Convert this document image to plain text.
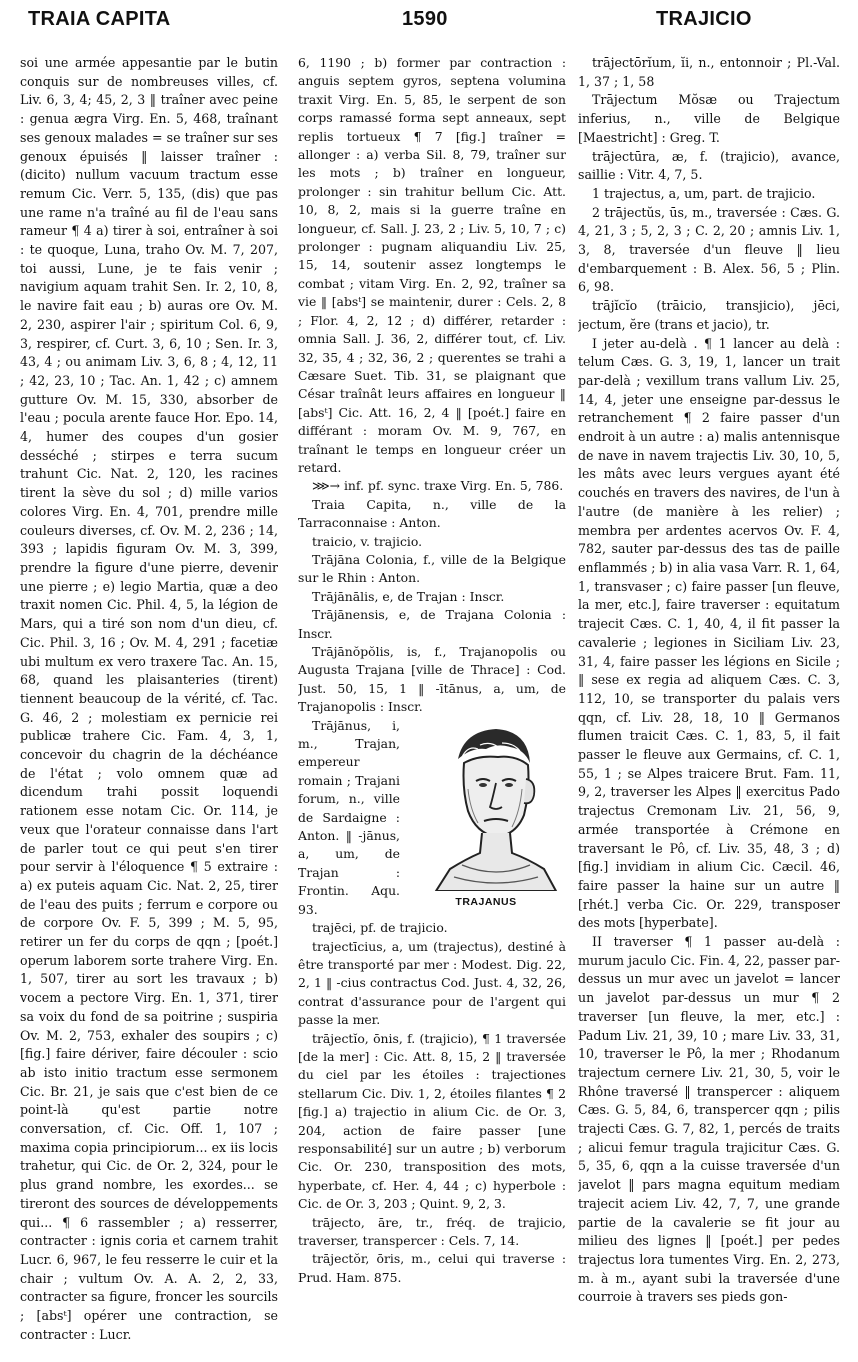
TRAIA CAPITA	1590	TRAJICIO

soi une armée appesantie par le butin conquis sur de nombreuses villes, cf. Liv. 6, 3, 4; 45, 2, 3 ‖ traîner avec peine : genua ægra Virg. En. 5, 468, traînant ses genoux malades = se traîner sur ses genoux épuisés ‖ laisser traîner : (dicito) nullum vacuum tractum esse remum Cic. Verr. 5, 135, (dis) que pas une rame n'a traîné au fil de l'eau sans rameur ¶ 4 a) tirer à soi, entraîner à soi : te quoque, Luna, traho Ov. M. 7, 207, toi aussi, Lune, je te fais venir ; navigium aquam trahit Sen. Ir. 2, 10, 8, le navire fait eau ; b) auras ore Ov. M. 2, 230, aspirer l'air ; spiritum Col. 6, 9, 3, respirer, cf. Curt. 3, 6, 10 ; Sen. Ir. 3, 43, 4 ; ou animam Liv. 3, 6, 8 ; 4, 12, 11 ; 42, 23, 10 ; Tac. An. 1, 42 ; c) amnem gutture Ov. M. 15, 330, absorber de l'eau ; pocula arente fauce Hor. Epo. 14, 4, humer des coupes d'un gosier desséché ; stirpes e terra sucum trahunt Cic. Nat. 2, 120, les racines tirent la sève du sol ; d) mille varios colores Virg. En. 4, 701, prendre mille couleurs diverses, cf. Ov. M. 2, 236 ; 14, 393 ; lapidis figuram Ov. M. 3, 399, prendre la figure d'une pierre, devenir une pierre ; e) legio Martia, quæ a deo traxit nomen Cic. Phil. 4, 5, la légion de Mars, qui a tiré son nom d'un dieu, cf. Cic. Phil. 3, 16 ; Ov. M. 4, 291 ; facetiæ ubi multum ex vero traxere Tac. An. 15, 68, quand les plaisanteries (tirent) tiennent beaucoup de la vérité, cf. Tac. G. 46, 2 ; molestiam ex pernicie rei publicæ trahere Cic. Fam. 4, 3, 1, concevoir du chagrin de la déchéance de l'état ; volo omnem quæ ad dicendum trahi possit loquendi rationem esse notam Cic. Or. 114, je veux que l'orateur connaisse dans l'art de parler tout ce qui peut s'en tirer pour servir à l'éloquence ¶ 5 extraire : a) ex puteis aquam Cic. Nat. 2, 25, tirer de l'eau des puits ; ferrum e corpore ou de corpore Ov. F. 5, 399 ; M. 5, 95, retirer un fer du corps de qqn ; [poét.] operum laborem sorte trahere Virg. En. 1, 507, tirer au sort les travaux ; b) vocem a pectore Virg. En. 1, 371, tirer sa voix du fond de sa poitrine ; suspiria Ov. M. 2, 753, exhaler des soupirs ; c) [fig.] faire dériver, faire découler : scio ab isto initio tractum esse sermonem Cic. Br. 21, je sais que c'est bien de ce point-là qu'est partie notre conversation, cf. Cic. Off. 1, 107 ; maxima copia principiorum... ex iis locis trahetur, qui Cic. de Or. 2, 324, pour le plus grand nombre, les exordes... se tireront des sources de développements qui... ¶ 6 rassembler ; a) resserrer, contracter : ignis coria et carnem trahit Lucr. 6, 967, le feu resserre le cuir et la chair ; vultum Ov. A. A. 2, 2, 33, contracter sa figure, froncer les sourcils ; [absᵗ] opérer une contraction, se contracter : Lucr.

6, 1190 ; b) former par contraction : anguis septem gyros, septena volumina traxit Virg. En. 5, 85, le serpent de son corps ramassé forma sept anneaux, sept replis tortueux ¶ 7 [fig.] traîner = allonger : a) verba Sil. 8, 79, traîner sur les mots ; b) traîner en longueur, prolonger : sin trahitur bellum Cic. Att. 10, 8, 2, mais si la guerre traîne en longueur, cf. Sall. J. 23, 2 ; Liv. 5, 10, 7 ; c) prolonger : pugnam aliquandiu Liv. 25, 15, 14, soutenir assez longtemps le combat ; vitam Virg. En. 2, 92, traîner sa vie ‖ [absᵗ] se maintenir, durer : Cels. 2, 8 ; Flor. 4, 2, 12 ; d) différer, retarder : omnia Sall. J. 36, 2, différer tout, cf. Liv. 32, 35, 4 ; 32, 36, 2 ; querentes se trahi a Cæsare Suet. Tib. 31, se plaignant que César traînât leurs affaires en longueur ‖ [absᵗ] Cic. Att. 16, 2, 4 ‖ [poét.] faire en différant : moram Ov. M. 9, 767, en traînant le temps en longueur créer un retard.

⋙→ inf. pf. sync. traxe Virg. En. 5, 786.

Traia Capita, n., ville de la Tarraconnaise : Anton.

traicio, v. trajicio.

Trājāna Colonia, f., ville de la Belgique sur le Rhin : Anton.

Trājānālis, e, de Trajan : Inscr.

Trājānensis, e, de Trajana Colonia : Inscr.

Trājānŏpŏlis, is, f., Trajanopolis ou Augusta Trajana [ville de Thrace] : Cod. Just. 50, 15, 1 ‖ -ītānus, a, um, de Trajanopolis : Inscr.

TRAJANUS

Trājānus, i, m., Trajan, empereur romain ; Trajani forum, n., ville de Sardaigne : Anton. ‖ -jānus, a, um, de Trajan : Frontin. Aqu. 93.

trajēci, pf. de trajicio.

trajectīcius, a, um (trajectus), destiné à être transporté par mer : Modest. Dig. 22, 2, 1 ‖ -cius contractus Cod. Just. 4, 32, 26, contrat d'assurance pour de l'argent qui passe la mer.

trājectĭo, ōnis, f. (trajicio), ¶ 1 traversée [de la mer] : Cic. Att. 8, 15, 2 ‖ traversée du ciel par les étoiles : trajectiones stellarum Cic. Div. 1, 2, étoiles filantes ¶ 2 [fig.] a) trajectio in alium Cic. de Or. 3, 204, action de faire passer [une responsabilité] sur un autre ; b) verborum Cic. Or. 230, transposition des mots, hyperbate, cf. Her. 4, 44 ; c) hyperbole : Cic. de Or. 3, 203 ; Quint. 9, 2, 3.

trājecto, āre, tr., fréq. de trajicio, traverser, transpercer : Cels. 7, 14.

trājectŏr, ōris, m., celui qui traverse : Prud. Ham. 875.

trājectōrĭum, ĭi, n., entonnoir ; Pl.-Val. 1, 37 ; 1, 58

Trājectum Mŏsæ ou Trajectum inferius, n., ville de Belgique [Maestricht] : Greg. T.

trājectūra, æ, f. (trajicio), avance, saillie : Vitr. 4, 7, 5.

1 trajectus, a, um, part. de trajicio.

2 trājectŭs, ūs, m., traversée : Cæs. G. 4, 21, 3 ; 5, 2, 3 ; C. 2, 20 ; amnis Liv. 1, 3, 8, traversée d'un fleuve ‖ lieu d'embarquement : B. Alex. 56, 5 ; Plin. 6, 98.

trājĭcĭo (trāicio, transjicio), jēci, jectum, ĕre (trans et jacio), tr.

I jeter au-delà . ¶ 1 lancer au delà : telum Cæs. G. 3, 19, 1, lancer un trait par-delà ; vexillum trans vallum Liv. 25, 14, 4, jeter une enseigne par-dessus le retranchement ¶ 2 faire passer d'un endroit à un autre : a) malis antennisque de nave in navem trajectis Liv. 30, 10, 5, les mâts avec leurs vergues ayant été couchés en travers des navires, de l'un à l'autre (de manière à les relier) ; membra per ardentes acervos Ov. F. 4, 782, sauter par-dessus des tas de paille enflammés ; b) in alia vasa Varr. R. 1, 64, 1, transvaser ; c) faire passer [un fleuve, la mer, etc.], faire traverser : equitatum trajecit Cæs. C. 1, 40, 4, il fit passer la cavalerie ; legiones in Siciliam Liv. 23, 31, 4, faire passer les légions en Sicile ; ‖ sese ex regia ad aliquem Cæs. C. 3, 112, 10, se transporter du palais vers qqn, cf. Liv. 28, 18, 10 ‖ Germanos flumen traicit Cæs. C. 1, 83, 5, il fait passer le fleuve aux Germains, cf. C. 1, 55, 1 ; se Alpes traicere Brut. Fam. 11, 9, 2, traverser les Alpes ‖ exercitus Pado trajectus Cremonam Liv. 21, 56, 9, armée transportée à Crémone en traversant le Pô, cf. Liv. 35, 48, 3 ; d) [fig.] invidiam in alium Cic. Cæcil. 46, faire passer la haine sur un autre ‖ [rhét.] verba Cic. Or. 229, transposer des mots [hyperbate].

II traverser ¶ 1 passer au-delà : murum jaculo Cic. Fin. 4, 22, passer par-dessus un mur avec un javelot = lancer un javelot par-dessus un mur ¶ 2 traverser [un fleuve, la mer, etc.] : Padum Liv. 21, 39, 10 ; mare Liv. 33, 31, 10, traverser le Pô, la mer ; Rhodanum trajectum cernere Liv. 21, 30, 5, voir le Rhône traversé ‖ transpercer : aliquem Cæs. G. 5, 84, 6, transpercer qqn ; pilis trajecti Cæs. G. 7, 82, 1, percés de traits ; alicui femur tragula trajicitur Cæs. G. 5, 35, 6, qqn a la cuisse traversée d'un javelot ‖ pars magna equitum mediam trajecit aciem Liv. 42, 7, 7, une grande partie de la cavalerie se fit jour au milieu des lignes ‖ [poét.] per pedes trajectus lora tumentes Virg. En. 2, 273, m. à m., ayant subi la traversée d'une courroie à travers ses pieds gon-
